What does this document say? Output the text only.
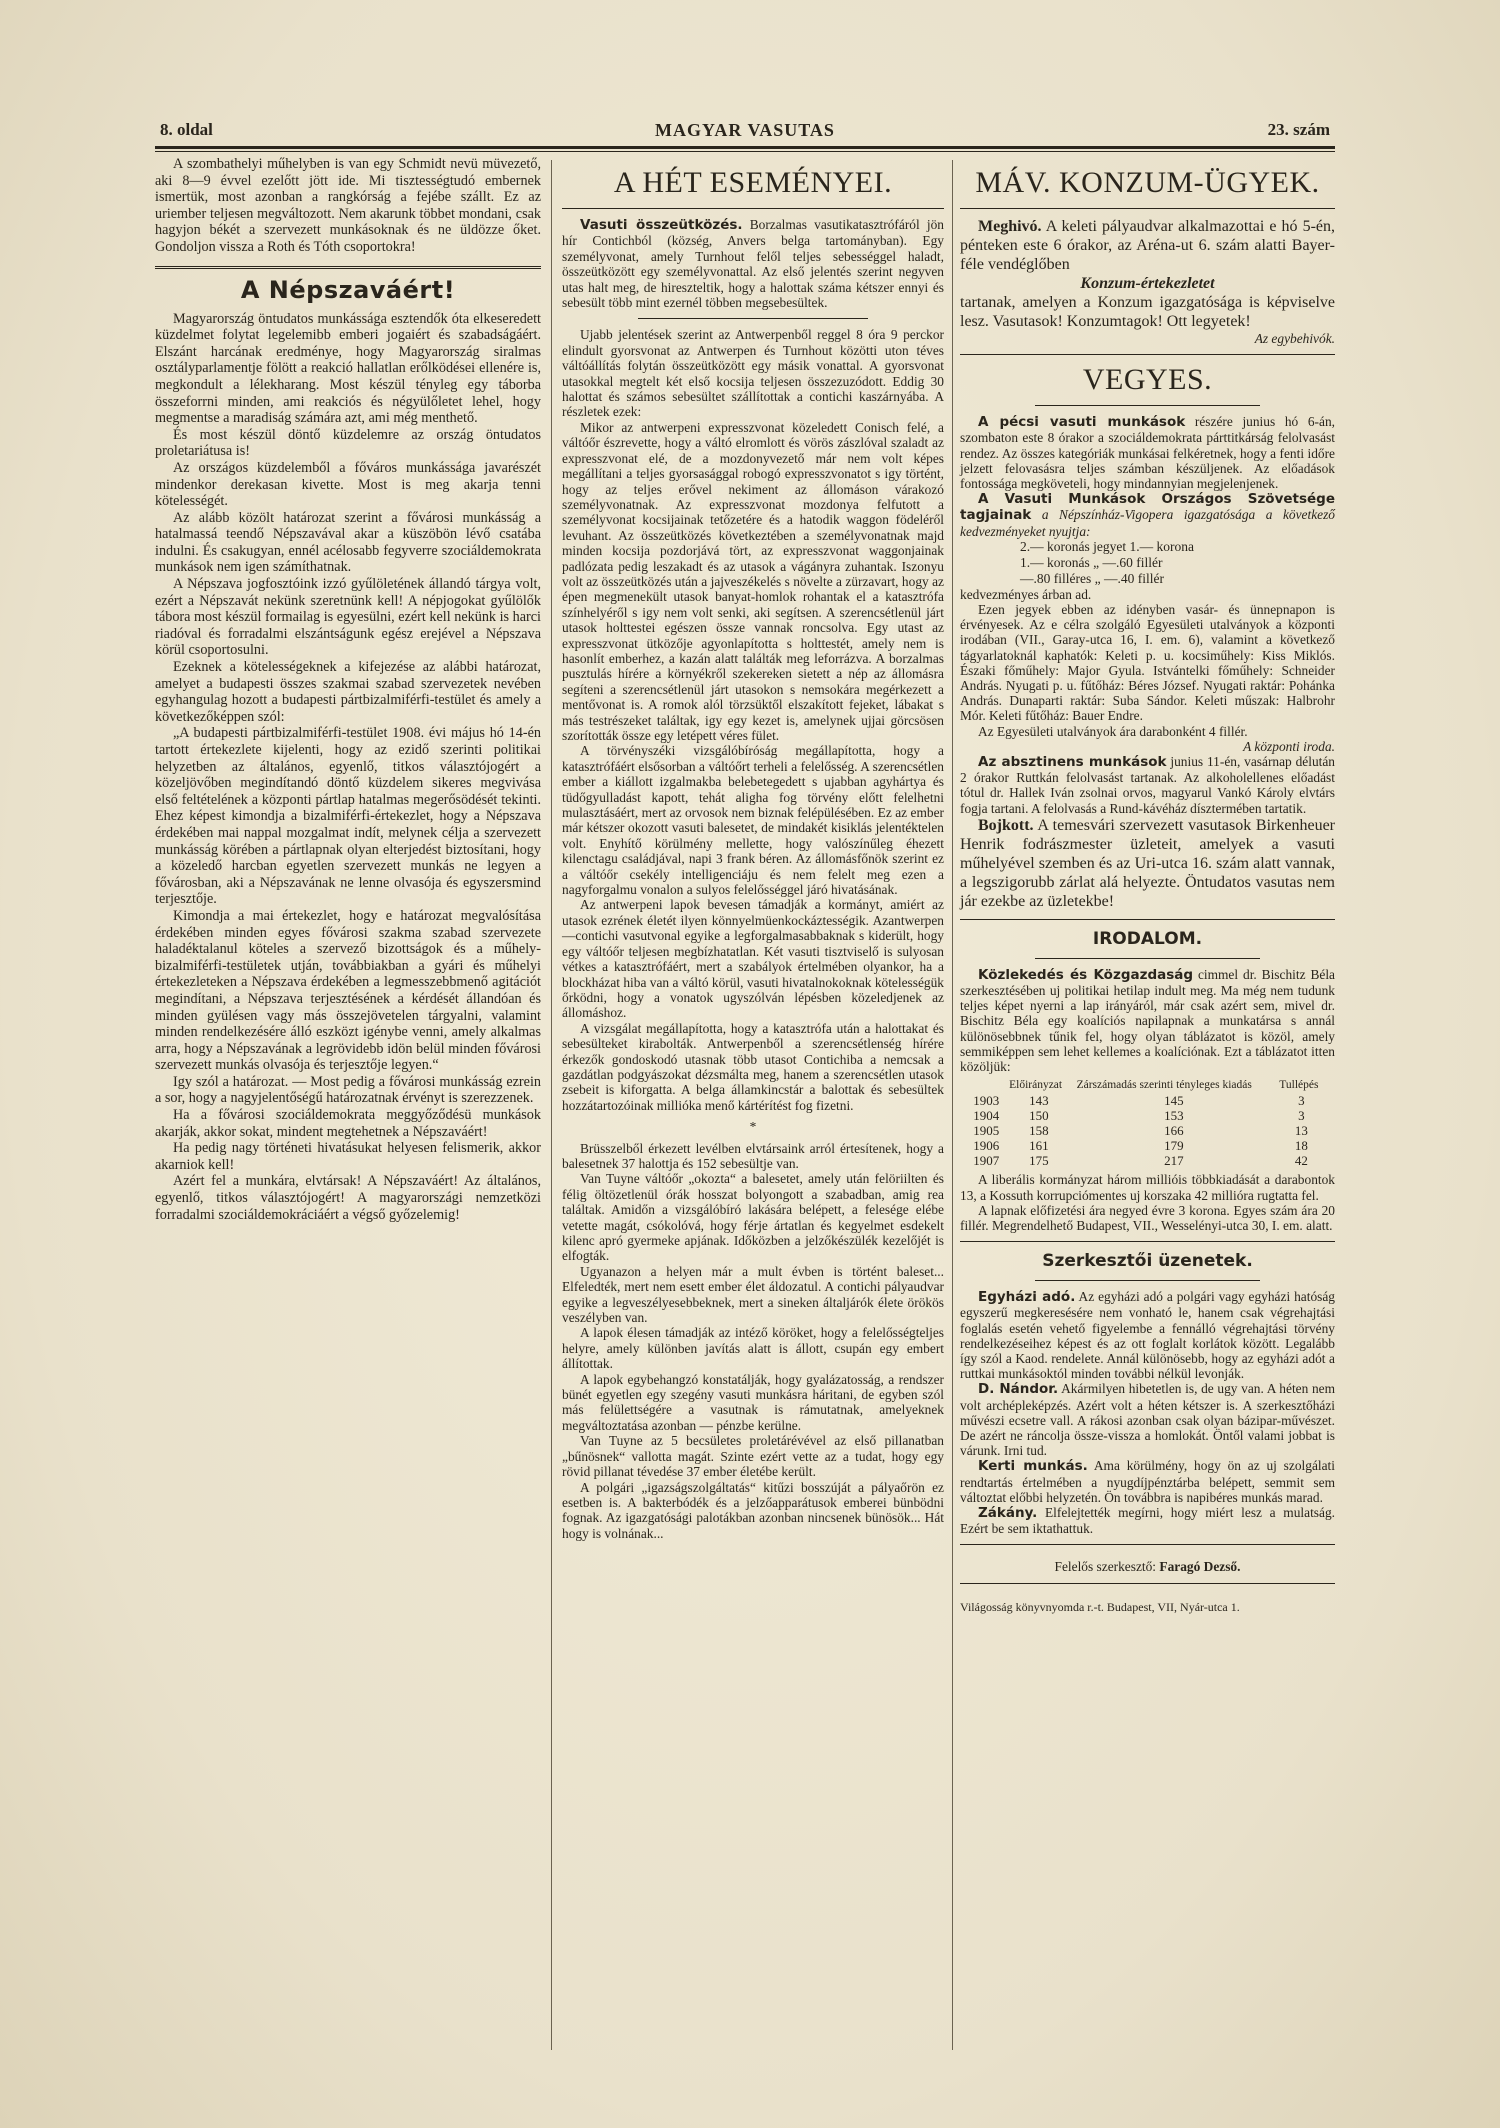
8. oldal	MAGYAR VASUTAS	23. szám

A szombathelyi műhelyben is van egy Schmidt nevü müvezető, aki 8—9 évvel ezelőtt jött ide. Mi tisztességtudó embernek ismertük, most azonban a rangkórság a fejébe szállt. Ez az uriember teljesen megváltozott. Nem akarunk többet mondani, csak hagyjon békét a szervezett munkásoknak és ne üldözze őket. Gondoljon vissza a Roth és Tóth csoportokra!

A Népszaváért!

Magyarország öntudatos munkássága esztendők óta elkeseredett küzdelmet folytat legelemibb emberi jogaiért és szabadságáért. Elszánt harcának eredménye, hogy Magyarország siralmas osztályparlamentje fölött a reakció hallatlan erőlködései ellenére is, megkondult a lélekharang. Most készül tényleg egy táborba összeforrni minden, ami reakciós és négyülőletet lehel, hogy megmentse a maradiság számára azt, ami még menthető.

És most készül döntő küzdelemre az ország öntudatos proletariátusa is!

Az országos küzdelemből a főváros munkássága javarészét mindenkor derekasan kivette. Most is meg akarja tenni kötelességét.

Az alább közölt határozat szerint a fővárosi munkásság a hatalmassá teendő Népszavával akar a küszöbön lévő csatába indulni. És csakugyan, ennél acélosabb fegyverre szociáldemokrata munkások nem igen számíthatnak.

A Népszava jogfosztóink izzó gyűlöletének állandó tárgya volt, ezért a Népszavát nekünk szeretnünk kell! A népjogokat gyűlölők tábora most készül formailag is egyesülni, ezért kell nekünk is harci riadóval és forradalmi elszántságunk egész erejével a Népszava körül csoportosulni.

Ezeknek a kötelességeknek a kifejezése az alábbi határozat, amelyet a budapesti összes szakmai szabad szervezetek nevében egyhangulag hozott a budapesti pártbizalmiférfi-testület és amely a következőképpen szól:

„A budapesti pártbizalmiférfi-testület 1908. évi május hó 14-én tartott értekezlete kijelenti, hogy az ezidő szerinti politikai helyzetben az általános, egyenlő, titkos választójogért a közeljövőben megindítandó döntő küzdelem sikeres megvivása első feltételének a központi pártlap hatalmas megerősödését tekinti. Ehez képest kimondja a bizalmiférfi-értekezlet, hogy a Népszava érdekében mai nappal mozgalmat indít, melynek célja a szervezett munkásság körében a pártlapnak olyan elterjedést biztosítani, hogy a közeledő harcban egyetlen szervezett munkás ne legyen a fővárosban, aki a Népszavának ne lenne olvasója és egyszersmind terjesztője.

Kimondja a mai értekezlet, hogy e határozat megvalósítása érdekében minden egyes fővárosi szakma szabad szervezete haladéktalanul köteles a szervező bizottságok és a műhely-bizalmiférfi-testületek utján, továbbiakban a gyári és műhelyi értekezleteken a Népszava érdekében a legmesszebbmenő agitációt megindítani, a Népszava terjesztésének a kérdését állandóan és minden gyülésen vagy más összejövetelen tárgyalni, valamint minden rendelkezésére álló eszközt igénybe venni, amely alkalmas arra, hogy a Népszavának a legrövidebb idön belül minden fővárosi szervezett munkás olvasója és terjesztője legyen.“

Igy szól a határozat. — Most pedig a fővárosi munkásság ezrein a sor, hogy a nagyjelentőségű határozatnak érvényt is szerezzenek.

Ha a fővárosi szociáldemokrata meggyőződésü munkások akarják, akkor sokat, mindent megtehetnek a Népszaváért!

Ha pedig nagy történeti hivatásukat helyesen felismerik, akkor akarniok kell!

Azért fel a munkára, elvtársak! A Népszaváért! Az általános, egyenlő, titkos választójogért! A magyarországi nemzetközi forradalmi szociáldemokráciáért a végső győzelemig!

A HÉT ESEMÉNYEI.

Vasuti összeütközés. Borzalmas vasutikatasztrófáról jön hír Contichból (község, Anvers belga tartományban). Egy személyvonat, amely Turnhout felől teljes sebességgel haladt, összeütközött egy személyvonattal. Az első jelentés szerint negyven utas halt meg, de hireszteltik, hogy a halottak száma kétszer ennyi és sebesült több mint ezernél többen megsebesültek.

Ujabb jelentések szerint az Antwerpenből reggel 8 óra 9 perckor elindult gyorsvonat az Antwerpen és Turnhout közötti uton téves váltóállítás folytán összeütközött egy másik vonattal. A gyorsvonat utasokkal megtelt két első kocsija teljesen összezuzódott. Eddig 30 halottat és számos sebesültet szállítottak a contichi kaszárnyába. A részletek ezek:

Mikor az antwerpeni expresszvonat közeledett Conisch felé, a váltóőr észrevette, hogy a váltó elromlott és vörös zászlóval szaladt az expresszvonat elé, de a mozdonyvezető már nem volt képes megállítani a teljes gyorsasággal robogó expresszvonatot s igy történt, hogy az teljes erővel nekiment az állomáson várakozó személyvonatnak. Az expresszvonat mozdonya felfutott a személyvonat kocsijainak tetőzetére és a hatodik waggon födeléről levuhant. Az összeütközés következtében a személyvonatnak majd minden kocsija pozdorjává tört, az expresszvonat waggonjainak padlózata pedig leszakadt és az utasok a vágányra zuhantak. Iszonyu volt az összeütközés után a jajveszékelés s növelte a zürzavart, hogy az épen megmenekült utasok banyat-homlok rohantak el a katasztrófa színhelyéről s igy nem volt senki, aki segítsen. A szerencsétlenül járt utasok holttestei egészen össze vannak roncsolva. Egy utast az expresszvonat ütközője agyonlapította s holttestét, amely nem is hasonlít emberhez, a kazán alatt találták meg leforrázva. A borzalmas pusztulás hírére a környékről szekereken sietett a nép az állomásra segíteni a szerencsétlenül járt utasokon s nemsokára megérkezett a mentővonat is. A romok alól törzsüktől elszakított fejeket, lábakat s más testrészeket találtak, igy egy kezet is, amelynek ujjai görcsösen szorították össze egy letépett véres fület.

A törvényszéki vizsgálóbíróság megállapította, hogy a katasztrófáért elsősorban a váltóőrt terheli a felelősség. A szerencsétlen ember a kiállott izgalmakba belebetegedett s ujabban agyhártya és tüdőgyulladást kapott, tehát aligha fog törvény előtt felelhetni mulasztásáért, mert az orvosok nem biznak felépülésében. Ez az ember már kétszer okozott vasuti balesetet, de mindakét kisiklás jelentéktelen volt. Enyhítő körülmény mellette, hogy valószínűleg éhezett kilenctagu családjával, napi 3 frank béren. Az állomásfőnök szerint ez a váltóőr csekély intelligenciáju és nem felelt meg ezen a nagyforgalmu vonalon a sulyos felelősséggel járó hivatásának.

Az antwerpeni lapok bevesen támadják a kormányt, amiért az utasok ezrének életét ilyen könnyelmüenkockáztességik. Azantwerpen—contichi vasutvonal egyike a legforgalmasabbaknak s kiderült, hogy egy váltóőr teljesen megbízhatatlan. Két vasuti tisztviselő is sulyosan vétkes a katasztrófáért, mert a szabályok értelmében olyankor, ha a blockházat hiba van a váltó körül, vasuti hivatalnokoknak kötelességük őrködni, hogy a vonatok ugyszólván lépésben közeledjenek az állomáshoz.

A vizsgálat megállapította, hogy a katasztrófa után a halottakat és sebesülteket kirabolták. Antwerpenből a szerencsétlenség hírére érkezők gondoskodó utasnak több utasot Contichiba a nemcsak a gazdátlan podgyászokat dézsmálta meg, hanem a szerencsétlen utasok zsebeit is kiforgatta. A belga államkincstár a balottak és sebesültek hozzátartozóinak millióka menő kártérítést fog fizetni.

*

Brüsszelből érkezett levélben elvtársaink arról értesítenek, hogy a balesetnek 37 halottja és 152 sebesültje van.

Van Tuyne váltóőr „okozta“ a balesetet, amely után felöriilten és félig öltözetlenül órák hosszat bolyongott a szabadban, amig rea találtak. Amidőn a vizsgálóbíró lakására belépett, a felesége elébe vetette magát, csókolóvá, hogy férje ártatlan és kegyelmet esdekelt kilenc apró gyermeke apjának. Időközben a jelzőkészülék kezelőjét is elfogták.

Ugyanazon a helyen már a mult évben is történt baleset... Elfeledték, mert nem esett ember élet áldozatul. A contichi pályaudvar egyike a legveszélyesebbeknek, mert a sineken általjárók élete örökös veszélyben van.

A lapok élesen támadják az intéző köröket, hogy a felelősségteljes helyre, amely különben javítás alatt is állott, csupán egy embert állítottak.

A lapok egybehangzó konstatálják, hogy gyalázatosság, a rendszer bünét egyetlen egy szegény vasuti munkásra háritani, de egyben szól más felülettségére a vasutnak is rámutatnak, amelyeknek megváltoztatása azonban — pénzbe kerülne.

Van Tuyne az 5 becsületes proletárévével az első pillanatban „bűnösnek“ vallotta magát. Szinte ezért vette az a tudat, hogy egy rövid pillanat tévedése 37 ember életébe került.

A polgári „igazságszolgáltatás“ kitűzi bosszúját a pályaőrön ez esetben is. A bakterbódék és a jelzőapparátusok emberei bünbödni fognak. Az igazgatósági palotákban azonban nincsenek bünösök... Hát hogy is volnának...

MÁV. KONZUM-ÜGYEK.

Meghivó. A keleti pályaudvar alkalmazottai e hó 5-én, pénteken este 6 órakor, az Aréna-ut 6. szám alatti Bayer-féle vendéglőben

Konzum-értekezletet

tartanak, amelyen a Konzum igazgatósága is képviselve lesz. Vasutasok! Konzumtagok! Ott legyetek!

Az egybehivók.
VEGYES.

A pécsi vasuti munkások részére junius hó 6-án, szombaton este 8 órakor a szociáldemokrata párttitkárság felolvasást rendez. Az összes kategóriák munkásai felkéretnek, hogy a fenti időre jelzett felovasásra teljes számban készüljenek. Az előadások fontossága megköveteli, hogy mindannyian megjelenjenek.

A Vasuti Munkások Országos Szövetsége tagjainak a Népszínház-Vigopera igazgatósága a következő kedvezményeket nyujtja:

2.— koronás jegyet 1.— korona
1.— koronás „ —.60 fillér
—.80 filléres „ —.40 fillér

kedvezményes árban ad.

Ezen jegyek ebben az idényben vasár- és ünnepnapon is érvényesek. Az e célra szolgáló Egyesületi utalványok a központi irodában (VII., Garay-utca 16, I. em. 6), valamint a következő tágyarlatoknál kaphatók: Keleti p. u. kocsiműhely: Kiss Miklós. Északi főműhely: Major Gyula. Istvántelki főműhely: Schneider András. Nyugati p. u. fűtőház: Béres József. Nyugati raktár: Pohánka András. Dunaparti raktár: Suba Sándor. Keleti műszak: Halbrohr Mór. Keleti fűtőház: Bauer Endre.

Az Egyesületi utalványok ára darabonként 4 fillér.

A központi iroda.

Az absztinens munkások junius 11-én, vasárnap délután 2 órakor Ruttkán felolvasást tartanak. Az alkoholellenes előadást tótul dr. Hallek Iván zsolnai orvos, magyarul Vankó Károly elvtárs fogja tartani. A felolvasás a Rund-kávéház dísztermében tartatik.

Bojkott. A temesvári szervezett vasutasok Birkenheuer Henrik fodrászmester üzleteit, amelyek a vasuti műhelyével szemben és az Uri-utca 16. szám alatt vannak, a legszigorubb zárlat alá helyezte. Öntudatos vasutas nem jár ezekbe az üzletekbe!

IRODALOM.

Közlekedés és Közgazdaság cimmel dr. Bischitz Béla szerkesztésében uj politikai hetilap indult meg. Ma még nem tudunk teljes képet nyerni a lap irányáról, már csak azért sem, mivel dr. Bischitz Béla egy koalíciós napilapnak a munkatársa s annál különösebbnek tűnik fel, hogy olyan táblázatot is közöl, amely semmiképpen sem lehet kellemes a koalíciónak. Ezt a táblázatot itten közöljük:

	Előirányzat	Zárszámadás szerinti tényleges kiadás	Tullépés
1903	143	145	3
1904	150	153	3
1905	158	166	13
1906	161	179	18
1907	175	217	42

A liberális kormányzat három millióis többkiadását a darabontok 13, a Kossuth korrupciómentes uj korszaka 42 millióra rugtatta fel.

A lapnak előfizetési ára negyed évre 3 korona. Egyes szám ára 20 fillér. Megrendelhető Budapest, VII., Wesselényi-utca 30, I. em. alatt.

Szerkesztői üzenetek.

Egyházi adó. Az egyházi adó a polgári vagy egyházi hatóság egyszerű megkeresésére nem vonható le, hanem csak végrehajtási foglalás esetén vehető figyelembe a fennálló végrehajtási törvény rendelkezéseihez képest és az ott foglalt korlátok között. Legalább így szól a Kaod. rendelete. Annál különösebb, hogy az egyházi adót a ruttkai munkásoktól minden további nélkül levonják.

D. Nándor. Akármilyen hibetetlen is, de ugy van. A héten nem volt archépleképzés. Azért volt a héten kétszer is. A szerkesztőházi művészi ecsetre vall. A rákosi azonban csak olyan bázipar-művészet. De azért ne ráncolja össze-vissza a homlokát. Öntől valami jobbat is várunk. Irni tud.

Kerti munkás. Ama körülmény, hogy ön az uj szolgálati rendtartás értelmében a nyugdíjpénztárba belépett, semmit sem változtat előbbi helyzetén. Ön továbbra is napibéres munkás marad.

Zákány. Elfelejtették megírni, hogy miért lesz a mulatság. Ezért be sem iktathattuk.

Felelős szerkesztő: Faragó Dezső.
Világosság könyvnyomda r.-t. Budapest, VII, Nyár-utca 1.
